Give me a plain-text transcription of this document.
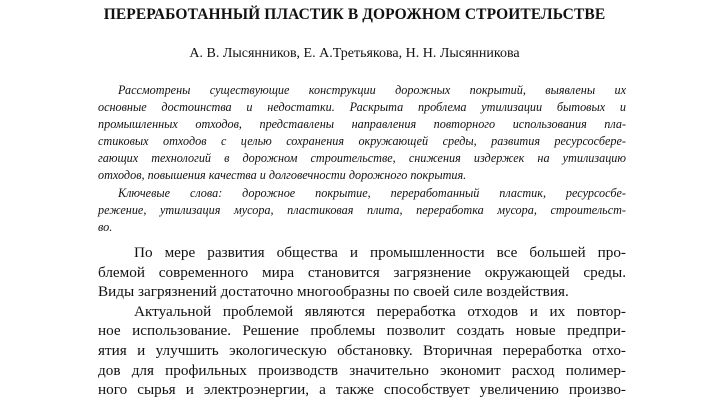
ПЕРЕРАБОТАННЫЙ ПЛАСТИК В ДОРОЖНОМ СТРОИТЕЛЬСТВЕ
А. В. Лысянников, Е. А.Третьякова, Н. Н. Лысянникова
Рассмотрены существующие конструкции дорожных покрытий, выявлены их
основные достоинства и недостатки. Раскрыта проблема утилизации бытовых и
промышленных отходов, представлены направления повторного использования пла-
стиковых отходов с целью сохранения окружающей среды, развития ресурсосбере-
гающих технологий в дорожном строительстве, снижения издержек на утилизацию
отходов, повышения качества и долговечности дорожного покрытия.
Ключевые слова: дорожное покрытие, переработанный пластик, ресурсосбе-
режение, утилизация мусора, пластиковая плита, переработка мусора, строительст-
во.
По мере развития общества и промышленности все большей про-
блемой современного мира становится загрязнение окружающей среды.
Виды загрязнений достаточно многообразны по своей силе воздействия.
Актуальной проблемой являются переработка отходов и их повтор-
ное использование. Решение проблемы позволит создать новые предпри-
ятия и улучшить экологическую обстановку. Вторичная переработка отхо-
дов для профильных производств значительно экономит расход полимер-
ного сырья и электроэнергии, а также способствует увеличению произво-
